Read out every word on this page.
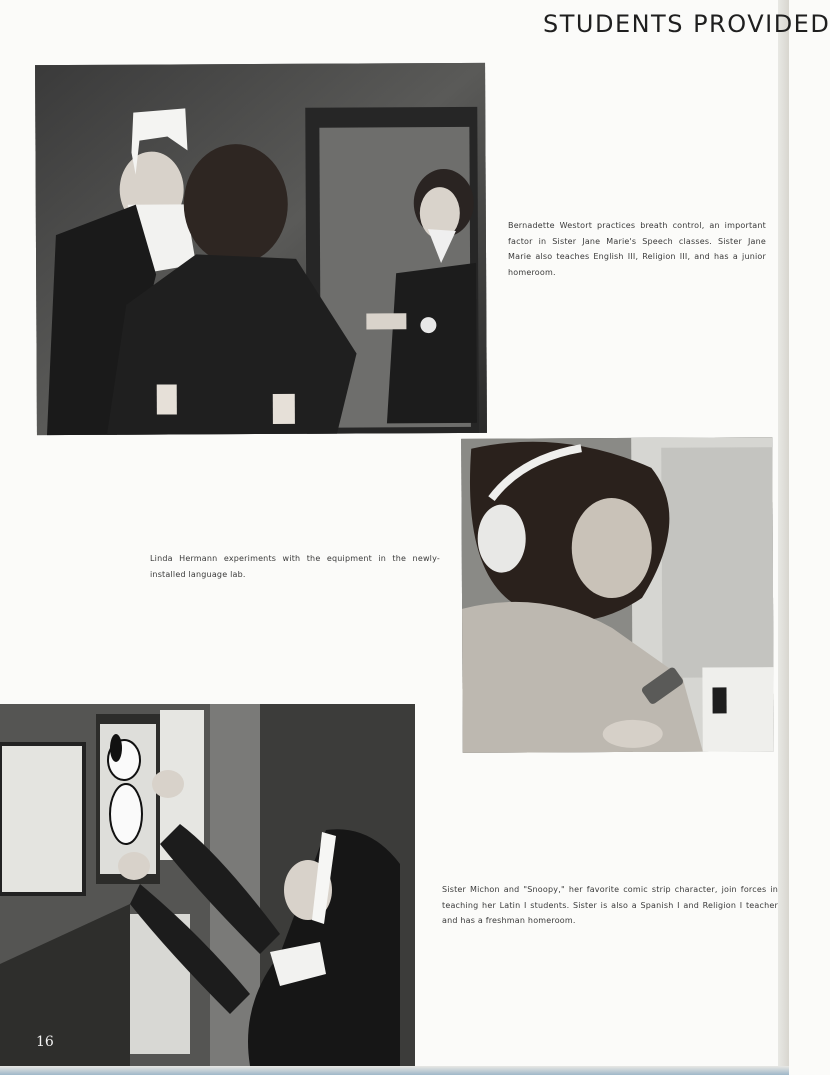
STUDENTS PROVIDED
Bernadette Westort practices breath control, an important factor in Sister Jane Marie's Speech classes. Sister Jane Marie also teaches English III, Religion III, and has a junior homeroom.
Linda Hermann experiments with the equipment in the newly-installed language lab.
Sister Michon and "Snoopy," her favorite comic strip character, join forces in teaching her Latin I students. Sister is also a Spanish I and Religion I teacher and has a freshman homeroom.
16
